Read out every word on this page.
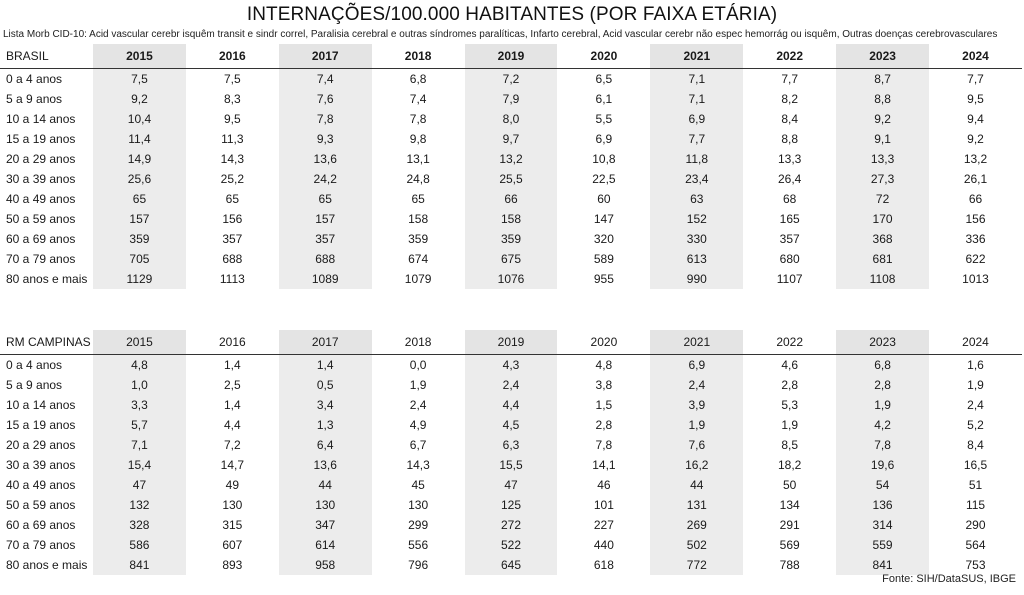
INTERNAÇÕES/100.000 HABITANTES (POR FAIXA ETÁRIA)
Lista Morb CID-10: Acid vascular cerebr isquêm transit e sindr correl, Paralisia cerebral e outras síndromes paralíticas, Infarto cerebral, Acid vascular cerebr não espec hemorrág ou isquêm, Outras doenças cerebrovasculares
BRASIL	2015	2016	2017	2018	2019	2020	2021	2022	2023	2024
0 a 4 anos	7,5	7,5	7,4	6,8	7,2	6,5	7,1	7,7	8,7	7,7
5 a 9 anos	9,2	8,3	7,6	7,4	7,9	6,1	7,1	8,2	8,8	9,5
10 a 14 anos	10,4	9,5	7,8	7,8	8,0	5,5	6,9	8,4	9,2	9,4
15 a 19 anos	11,4	11,3	9,3	9,8	9,7	6,9	7,7	8,8	9,1	9,2
20 a 29 anos	14,9	14,3	13,6	13,1	13,2	10,8	11,8	13,3	13,3	13,2
30 a 39 anos	25,6	25,2	24,2	24,8	25,5	22,5	23,4	26,4	27,3	26,1
40 a 49 anos	65	65	65	65	66	60	63	68	72	66
50 a 59 anos	157	156	157	158	158	147	152	165	170	156
60 a 69 anos	359	357	357	359	359	320	330	357	368	336
70 a 79 anos	705	688	688	674	675	589	613	680	681	622
80 anos e mais	1129	1113	1089	1079	1076	955	990	1107	1108	1013
RM CAMPINAS	2015	2016	2017	2018	2019	2020	2021	2022	2023	2024
0 a 4 anos	4,8	1,4	1,4	0,0	4,3	4,8	6,9	4,6	6,8	1,6
5 a 9 anos	1,0	2,5	0,5	1,9	2,4	3,8	2,4	2,8	2,8	1,9
10 a 14 anos	3,3	1,4	3,4	2,4	4,4	1,5	3,9	5,3	1,9	2,4
15 a 19 anos	5,7	4,4	1,3	4,9	4,5	2,8	1,9	1,9	4,2	5,2
20 a 29 anos	7,1	7,2	6,4	6,7	6,3	7,8	7,6	8,5	7,8	8,4
30 a 39 anos	15,4	14,7	13,6	14,3	15,5	14,1	16,2	18,2	19,6	16,5
40 a 49 anos	47	49	44	45	47	46	44	50	54	51
50 a 59 anos	132	130	130	130	125	101	131	134	136	115
60 a 69 anos	328	315	347	299	272	227	269	291	314	290
70 a 79 anos	586	607	614	556	522	440	502	569	559	564
80 anos e mais	841	893	958	796	645	618	772	788	841	753
Fonte: SIH/DataSUS, IBGE
